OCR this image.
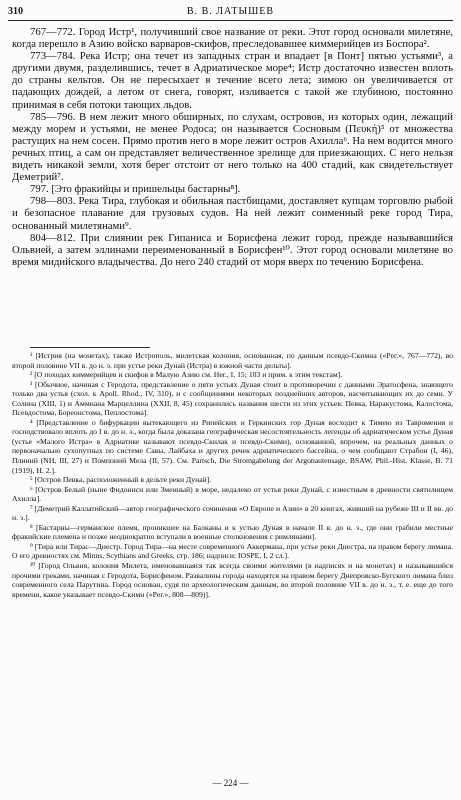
310	В. В. ЛАТЫШЕВ

767—772. Город Истр¹, получивший свое название от реки. Этот город основали милетяне, когда перешло в Азию войско варваров-скифов, преследовавшее киммерийцев из Боспора².

773—784. Река Истр; она течет из западных стран и впадает [в Понт] пятью устьями³, а другими двумя, разделившись, течет в Адриатическое море⁴; Истр достаточно известен вплоть до страны кельтов. Он не пересыхает в течение всего лета; зимою он увеличивается от падающих дождей, а летом от снега, говорят, изливается с такой же глубиною, постоянно принимая в себя потоки тающих льдов.

785—796. В нем лежит много обширных, по слухам, островов, из которых один, лежащий между морем и устьями, не менее Родоса; он называется Сосновым (Πευκή)⁵ от множества растущих на нем сосен. Прямо против него в море лежит остров Ахилла⁶. На нем водится много речных птиц, а сам он представляет величественное зрелище для приезжающих. С него нельзя видеть никакой земли, хотя берег отстоит от него только на 400 стадий, как свидетельствует Деметрий⁷.

797. [Это фракийцы и пришельцы бастарны⁸].

798—803. Река Тира, глубокая и обильная пастбищами, доставляет купцам торговлю рыбой и безопасное плавание для грузовых судов. На ней лежит соименный реке город Тира, основанный милетянами⁹.

804—812. При слиянии рек Гипаниса и Борисфена лежит город, прежде называвшийся Ольвией, а затем эллинами переименованный в Борисфен¹⁰. Этот город основали милетяне во время мидийского владычества. До него 240 стадий от моря вверх по течению Борисфена.

¹ [Истрия (на монетах), также Истрополь, милетская колония, основанная, по данным псевдо-Скимна («Peг.», 767—772), во второй половине VII в. до н. э. при устье реки Дунай (Истра) в южной части дельты].

² [О походах киммерийцев и скифов в Малую Азию см. Her., I, 15; 103 и прим. к этим текстам].

³ [Обычное, начиная с Геродота, представление о пяти устьях Дуная стоит в противоречии с данными Эратосфена, знающего только два устья (схол. к Apoll. Rhod., IV, 310), и с сообщениями некоторых позднейших авторов, насчитывающих их до семи. У Солина (XIII, 1) и Аммиана Марцеллина (XXII, 8, 45) сохранились названия шести из этих устьев: Певка, Наракустома, Калостома, Псевдостома, Бореонстома, Пеплостома].

⁴ [Представление о бифуркации вытекающего из Рипейских и Геркинских гор Дуная восходит к Тимею из Тавромения и господствовало вплоть до I в. до н. э., когда была доказана географическая несостоятельность легенды об адриатическом устье Дуная (устье «Малого Истра» в Адриатике называют псевдо-Скилак и псевдо-Скимн), основанной, впрочем, на реальных данных о первоначально сухопутных по системе Савы, Лайбаха и других речек адриатического бассейна, о чем сообщают Страбон (I, 46), Плиний (NH, III, 27) и Помпоний Мела (II, 57). См. Partsch, Die Stromgabelung der Argonautensage, BSAW, Phil.-Hist. Klasse, B. 71 (1919), H. 2.].

⁵ [Остров Певка, расположенный в дельте реки Дунай].

⁶ [Остров Белый (ныне Фидониси или Змеиный) в море, недалеко от устья реки Дунай, с известным в древности святилищем Ахилла].

⁷ [Деметрий Каллатийский—автор географического сочинения «О Европе и Азии» в 20 книгах, живший на рубеже III и II вв. до н. э.].

⁸ [Бастарны—германское племя, проникшее на Балканы и к устью Дуная в начале II в. до н. э., где они грабили местные фракийские племена и позже неоднократно вступали в военные столкновения с римлянами].

⁹ [Тира или Тирас—Днестр. Город Тира—на месте современного Аккермана, при устье реки Днестра, на правом берегу лимана. О его древностях см. Minns, Scythians and Greeks, стр. 186; надписи: IOSPE, I, 2 сл.].

¹⁰ [Город Ольвия, колония Милета, именовавшаяся так всегда своими жителями (в надписях и на монетах) и называвшийся прочими греками, начиная с Геродота, Борисфеном. Развалины города находятся на правом берегу Днепровско-Бугского лимана близ современного села Парутина. Город основан, судя по археологическим данным, во второй половине VII в. до н. э., т. е. еще до того времени, какое указывает псевдо-Скимн («Per.», 808—809)].

— 224 —
